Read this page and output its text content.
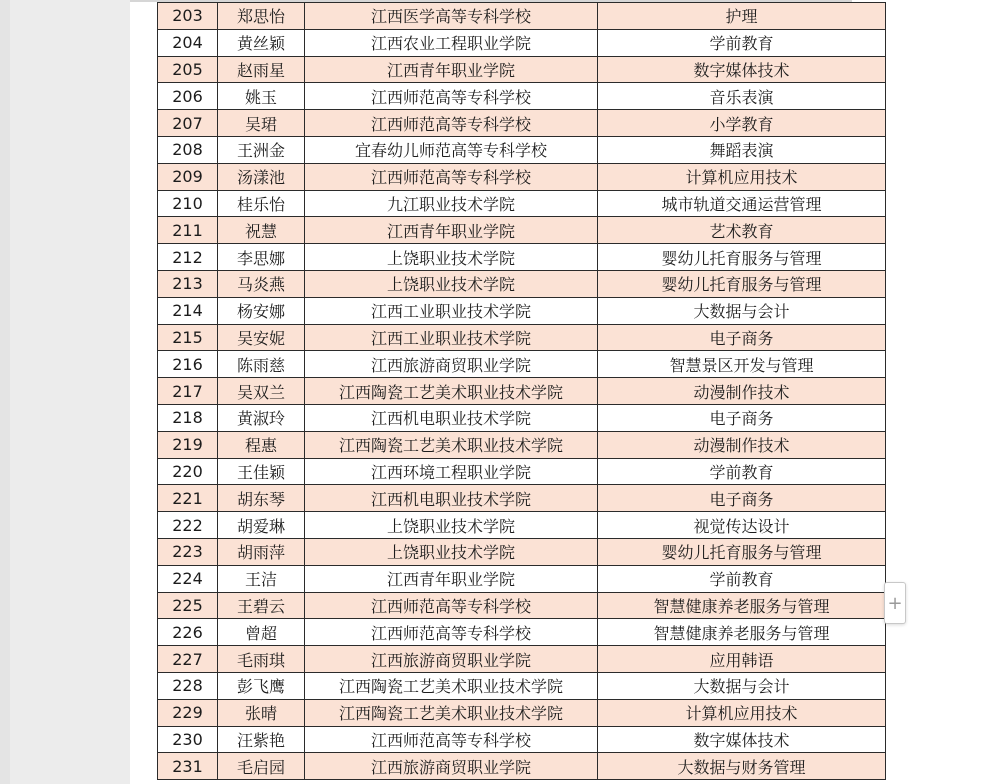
203	郑思怡	江西医学高等专科学校	护理
204	黄丝颖	江西农业工程职业学院	学前教育
205	赵雨星	江西青年职业学院	数字媒体技术
206	姚玉	江西师范高等专科学校	音乐表演
207	吴珺	江西师范高等专科学校	小学教育
208	王洲金	宜春幼儿师范高等专科学校	舞蹈表演
209	汤漾池	江西师范高等专科学校	计算机应用技术
210	桂乐怡	九江职业技术学院	城市轨道交通运营管理
211	祝慧	江西青年职业学院	艺术教育
212	李思娜	上饶职业技术学院	婴幼儿托育服务与管理
213	马炎燕	上饶职业技术学院	婴幼儿托育服务与管理
214	杨安娜	江西工业职业技术学院	大数据与会计
215	吴安妮	江西工业职业技术学院	电子商务
216	陈雨慈	江西旅游商贸职业学院	智慧景区开发与管理
217	吴双兰	江西陶瓷工艺美术职业技术学院	动漫制作技术
218	黄淑玲	江西机电职业技术学院	电子商务
219	程惠	江西陶瓷工艺美术职业技术学院	动漫制作技术
220	王佳颖	江西环境工程职业学院	学前教育
221	胡东琴	江西机电职业技术学院	电子商务
222	胡爱琳	上饶职业技术学院	视觉传达设计
223	胡雨萍	上饶职业技术学院	婴幼儿托育服务与管理
224	王洁	江西青年职业学院	学前教育
225	王碧云	江西师范高等专科学校	智慧健康养老服务与管理
226	曾超	江西师范高等专科学校	智慧健康养老服务与管理
227	毛雨琪	江西旅游商贸职业学院	应用韩语
228	彭飞鹰	江西陶瓷工艺美术职业技术学院	大数据与会计
229	张晴	江西陶瓷工艺美术职业技术学院	计算机应用技术
230	汪紫艳	江西师范高等专科学校	数字媒体技术
231	毛启园	江西旅游商贸职业学院	大数据与财务管理
+
